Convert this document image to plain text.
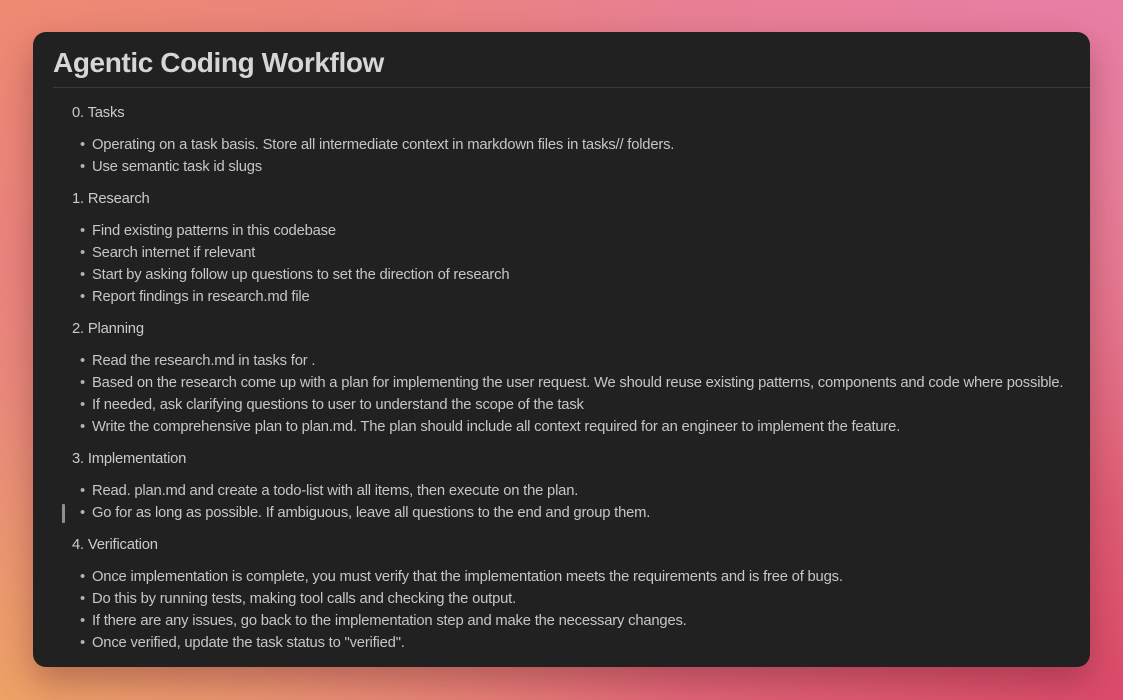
Agentic Coding Workflow
0. Tasks
• Operating on a task basis. Store all intermediate context in markdown files in tasks// folders.
• Use semantic task id slugs
1. Research
• Find existing patterns in this codebase
• Search internet if relevant
• Start by asking follow up questions to set the direction of research
• Report findings in research.md file
2. Planning
• Read the research.md in tasks for .
• Based on the research come up with a plan for implementing the user request. We should reuse existing patterns, components and code where possible.
• If needed, ask clarifying questions to user to understand the scope of the task
• Write the comprehensive plan to plan.md. The plan should include all context required for an engineer to implement the feature.
3. Implementation
• Read. plan.md and create a todo-list with all items, then execute on the plan.
• Go for as long as possible. If ambiguous, leave all questions to the end and group them.
4. Verification
• Once implementation is complete, you must verify that the implementation meets the requirements and is free of bugs.
• Do this by running tests, making tool calls and checking the output.
• If there are any issues, go back to the implementation step and make the necessary changes.
• Once verified, update the task status to "verified".
